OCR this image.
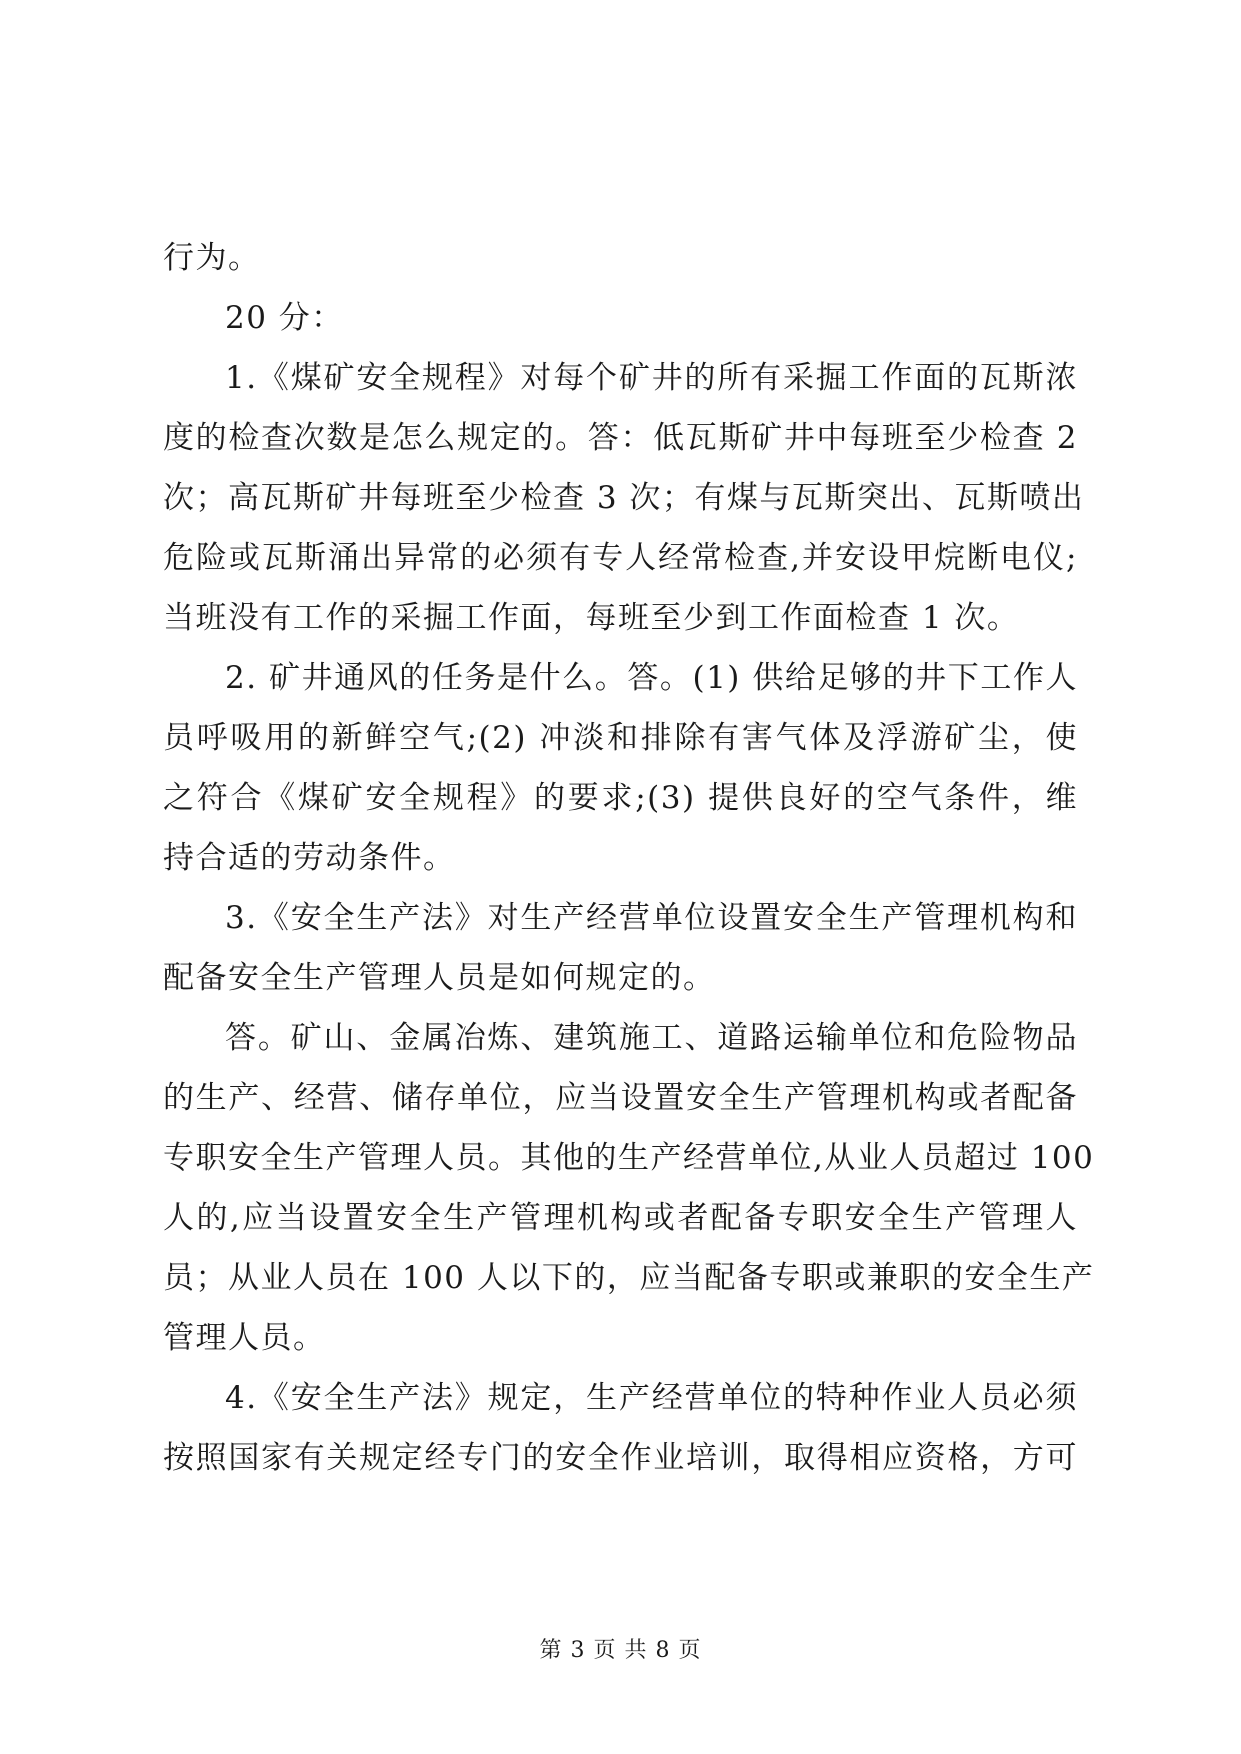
行为。
20 分：
1.《煤矿安全规程》对每个矿井的所有采掘工作面的瓦斯浓
度的检查次数是怎么规定的。答：低瓦斯矿井中每班至少检查 2
次；高瓦斯矿井每班至少检查 3 次；有煤与瓦斯突出、瓦斯喷出
危险或瓦斯涌出异常的必须有专人经常检查,并安设甲烷断电仪;
当班没有工作的采掘工作面，每班至少到工作面检查 1 次。
2. 矿井通风的任务是什么。答。(1) 供给足够的井下工作人
员呼吸用的新鲜空气;(2) 冲淡和排除有害气体及浮游矿尘，使
之符合《煤矿安全规程》的要求;(3) 提供良好的空气条件，维
持合适的劳动条件。
3.《安全生产法》对生产经营单位设置安全生产管理机构和
配备安全生产管理人员是如何规定的。
答。矿山、金属冶炼、建筑施工、道路运输单位和危险物品
的生产、经营、储存单位，应当设置安全生产管理机构或者配备
专职安全生产管理人员。其他的生产经营单位,从业人员超过 100
人的,应当设置安全生产管理机构或者配备专职安全生产管理人
员；从业人员在 100 人以下的，应当配备专职或兼职的安全生产
管理人员。
4.《安全生产法》规定，生产经营单位的特种作业人员必须
按照国家有关规定经专门的安全作业培训，取得相应资格，方可
第 3 页 共 8 页
